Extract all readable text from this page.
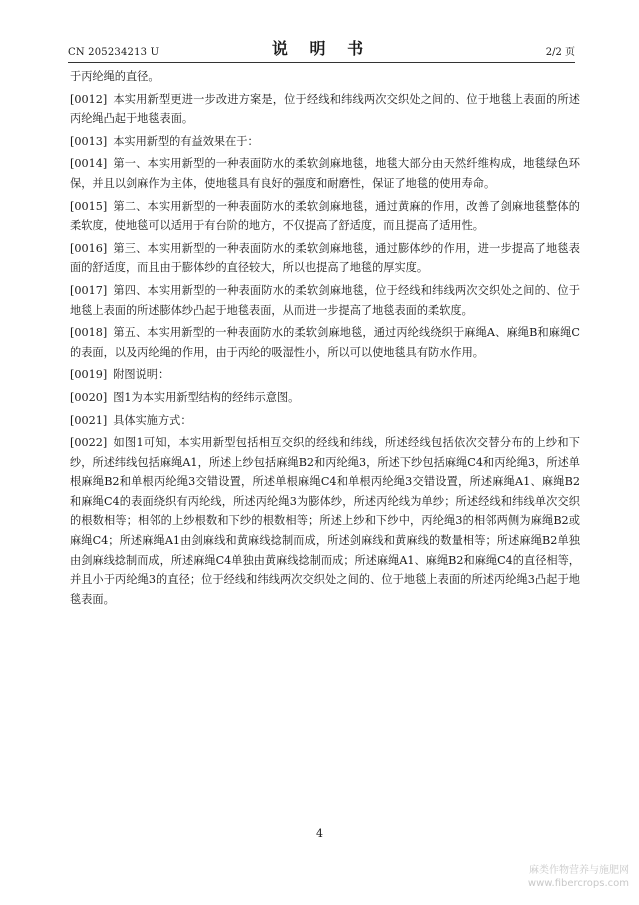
CN 205234213 U	说 明 书	2/2 页

于丙纶绳的直径。

[0012] 本实用新型更进一步改进方案是，位于经线和纬线两次交织处之间的、位于地毯上表面的所述丙纶绳凸起于地毯表面。

[0013] 本实用新型的有益效果在于：

[0014] 第一、本实用新型的一种表面防水的柔软剑麻地毯，地毯大部分由天然纤维构成，地毯绿色环保，并且以剑麻作为主体，使地毯具有良好的强度和耐磨性，保证了地毯的使用寿命。

[0015] 第二、本实用新型的一种表面防水的柔软剑麻地毯，通过黄麻的作用，改善了剑麻地毯整体的柔软度，使地毯可以适用于有台阶的地方，不仅提高了舒适度，而且提高了适用性。

[0016] 第三、本实用新型的一种表面防水的柔软剑麻地毯，通过膨体纱的作用，进一步提高了地毯表面的舒适度，而且由于膨体纱的直径较大，所以也提高了地毯的厚实度。

[0017] 第四、本实用新型的一种表面防水的柔软剑麻地毯，位于经线和纬线两次交织处之间的、位于地毯上表面的所述膨体纱凸起于地毯表面，从而进一步提高了地毯表面的柔软度。

[0018] 第五、本实用新型的一种表面防水的柔软剑麻地毯，通过丙纶线绕织于麻绳A、麻绳B和麻绳C的表面，以及丙纶绳的作用，由于丙纶的吸湿性小，所以可以使地毯具有防水作用。

[0019] 附图说明：

[0020] 图1为本实用新型结构的经纬示意图。

[0021] 具体实施方式：

[0022] 如图1可知，本实用新型包括相互交织的经线和纬线，所述经线包括依次交替分布的上纱和下纱，所述纬线包括麻绳A1，所述上纱包括麻绳B2和丙纶绳3，所述下纱包括麻绳C4和丙纶绳3，所述单根麻绳B2和单根丙纶绳3交错设置，所述单根麻绳C4和单根丙纶绳3交错设置，所述麻绳A1、麻绳B2和麻绳C4的表面绕织有丙纶线，所述丙纶绳3为膨体纱，所述丙纶线为单纱；所述经线和纬线单次交织的根数相等；相邻的上纱根数和下纱的根数相等；所述上纱和下纱中，丙纶绳3的相邻两侧为麻绳B2或麻绳C4；所述麻绳A1由剑麻线和黄麻线捻制而成，所述剑麻线和黄麻线的数量相等；所述麻绳B2单独由剑麻线捻制而成，所述麻绳C4单独由黄麻线捻制而成；所述麻绳A1、麻绳B2和麻绳C4的直径相等，并且小于丙纶绳3的直径；位于经线和纬线两次交织处之间的、位于地毯上表面的所述丙纶绳3凸起于地毯表面。

4
麻类作物营养与施肥网
www.fibercrops.com
